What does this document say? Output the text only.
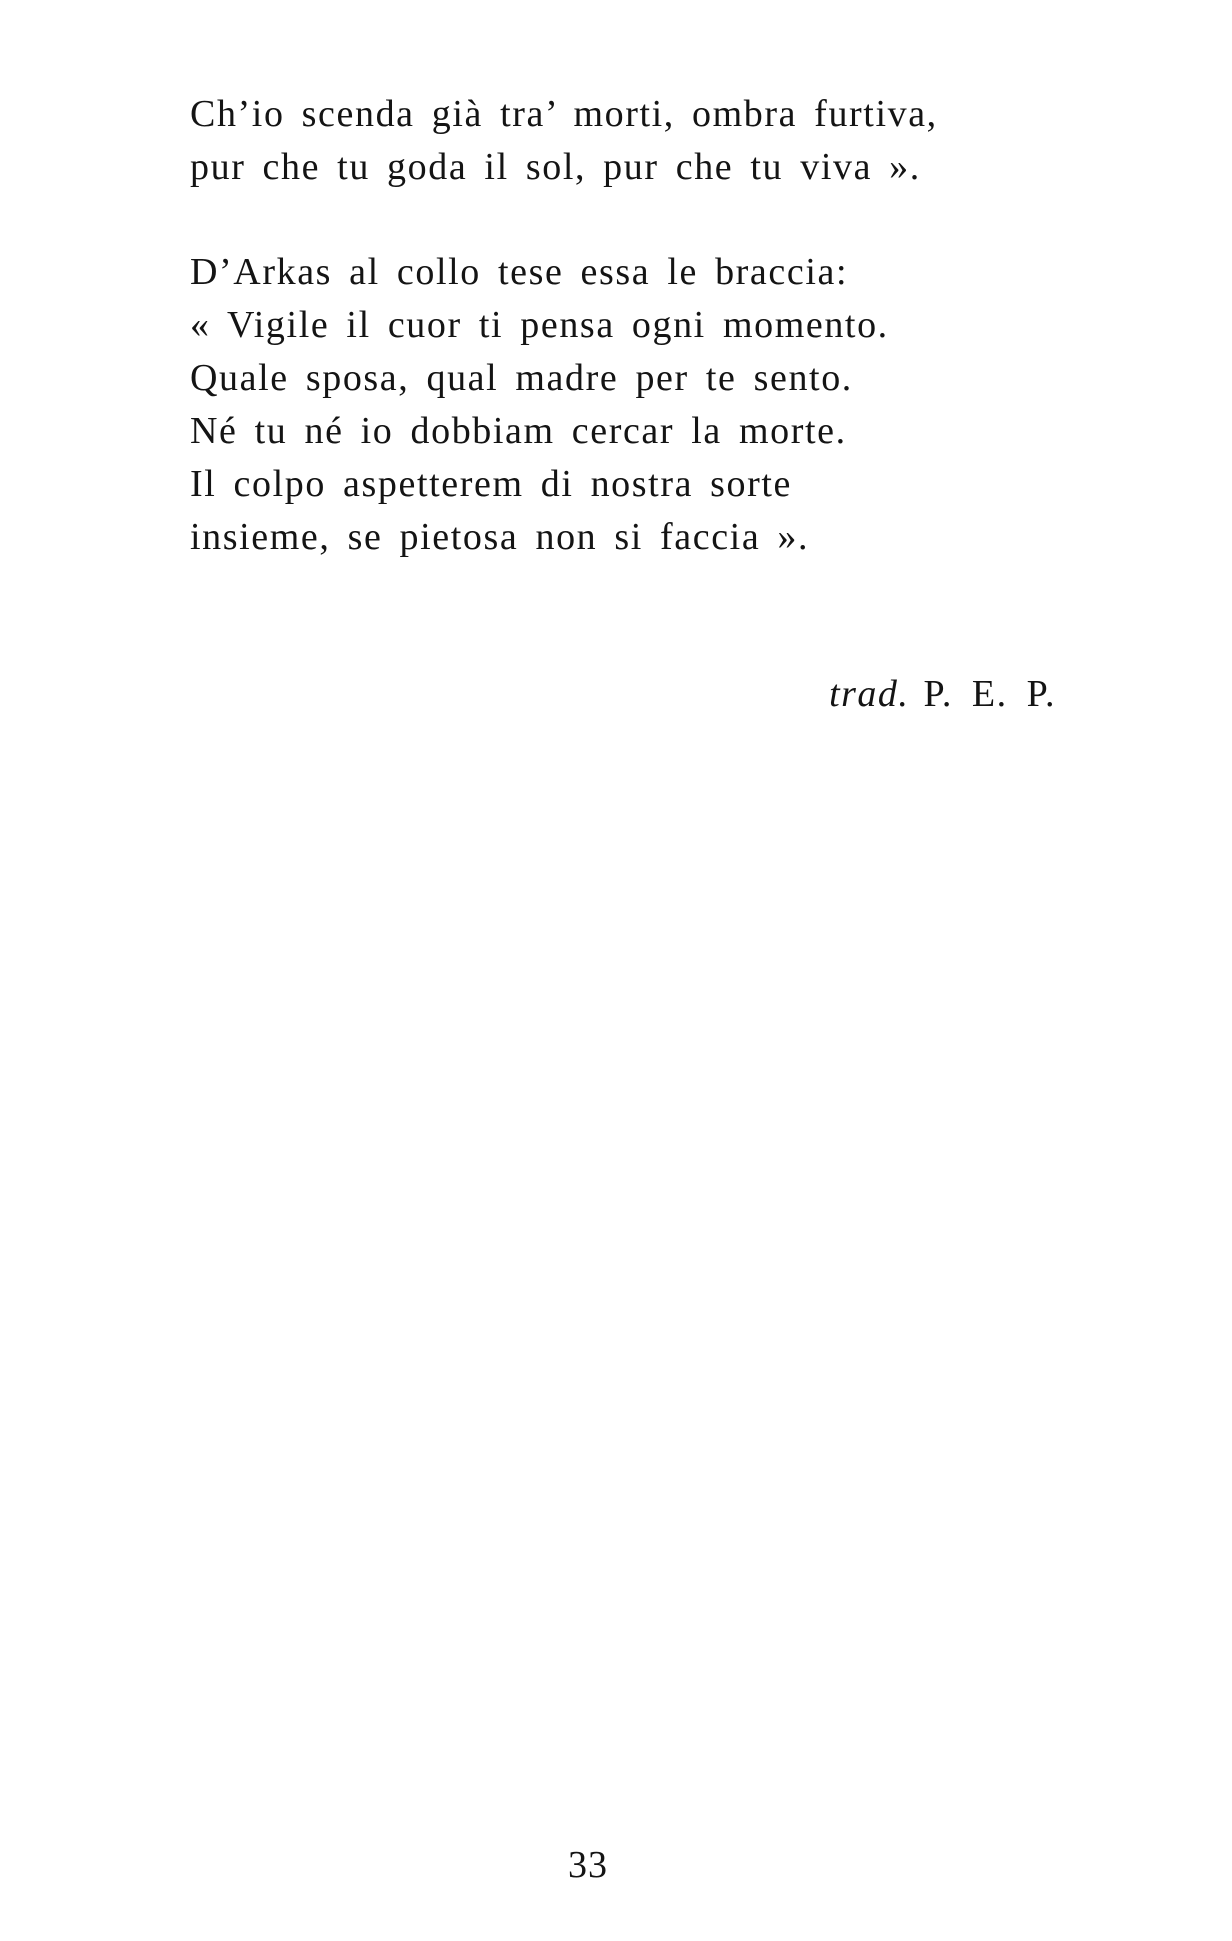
Ch’io scenda già tra’ morti, ombra furtiva,
pur che tu goda il sol, pur che tu viva ».
D’Arkas al collo tese essa le braccia:
« Vigile il cuor ti pensa ogni momento.
Quale sposa, qual madre per te sento.
Né tu né io dobbiam cercar la morte.
Il colpo aspetterem di nostra sorte
insieme, se pietosa non si faccia ».
trad. P. E. P.
33
